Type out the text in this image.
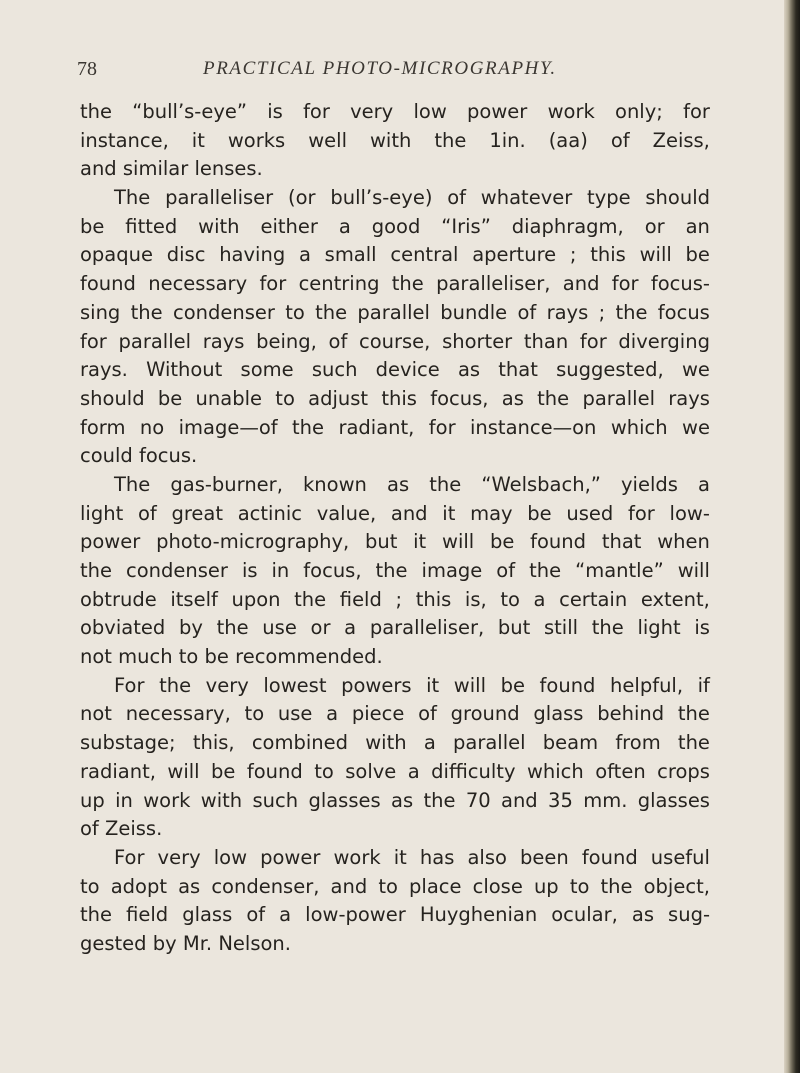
78	PRACTICAL PHOTO-MICROGRAPHY.
the “bull’s-eye” is for very low power work only; for
instance, it works well with the 1in. (aa) of Zeiss,
and similar lenses.
The paralleliser (or bull’s-eye) of whatever type should
be fitted with either a good “Iris” diaphragm, or an
opaque disc having a small central aperture ; this will be
found necessary for centring the paralleliser, and for focus-
sing the condenser to the parallel bundle of rays ; the focus
for parallel rays being, of course, shorter than for diverging
rays. Without some such device as that suggested, we
should be unable to adjust this focus, as the parallel rays
form no image—of the radiant, for instance—on which we
could focus.
The gas-burner, known as the “Welsbach,” yields a
light of great actinic value, and it may be used for low-
power photo-micrography, but it will be found that when
the condenser is in focus, the image of the “mantle” will
obtrude itself upon the field ; this is, to a certain extent,
obviated by the use or a paralleliser, but still the light is
not much to be recommended.
For the very lowest powers it will be found helpful, if
not necessary, to use a piece of ground glass behind the
substage; this, combined with a parallel beam from the
radiant, will be found to solve a difficulty which often crops
up in work with such glasses as the 70 and 35 mm. glasses
of Zeiss.
For very low power work it has also been found useful
to adopt as condenser, and to place close up to the object,
the field glass of a low-power Huyghenian ocular, as sug-
gested by Mr. Nelson.
